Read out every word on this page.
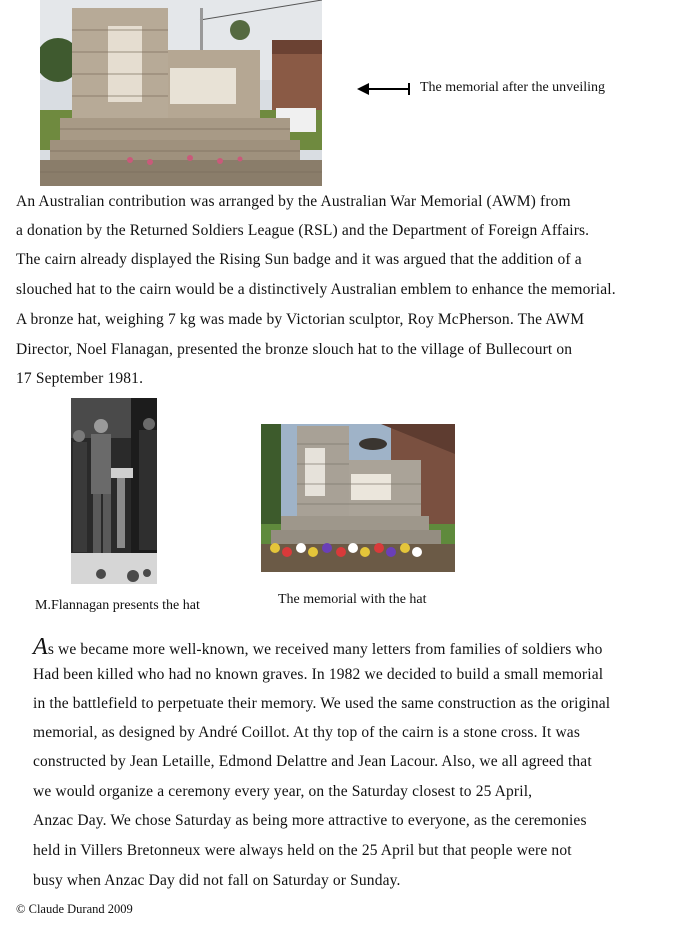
The memorial after the unveiling
An Australian contribution was arranged by the Australian War Memorial (AWM) from
a donation by the Returned Soldiers League (RSL) and the Department of Foreign Affairs.
The cairn already displayed the Rising Sun badge and it was argued that the addition of a
slouched hat to the cairn would be a distinctively Australian emblem to enhance the memorial.
A bronze hat, weighing 7 kg was made by Victorian sculptor, Roy McPherson. The AWM
Director, Noel Flanagan, presented the bronze slouch hat to the village of Bullecourt on
17 September 1981.
M.Flannagan presents the hat	The memorial with the hat
As we became more well-known, we received many letters from families of soldiers who
Had been killed who had no known graves. In 1982 we decided to build a small memorial
in the battlefield to perpetuate their memory. We used the same construction as the original
memorial, as designed by André Coillot. At thy top of the cairn is a stone cross. It was
constructed by Jean Letaille, Edmond Delattre and Jean Lacour. Also, we all agreed that
we would organize a ceremony every year, on the Saturday closest to 25 April,
Anzac Day. We chose Saturday as being more attractive to everyone, as the ceremonies
held in Villers Bretonneux were always held on the 25 April but that people were not
busy when Anzac Day did not fall on Saturday or Sunday.
© Claude Durand 2009
